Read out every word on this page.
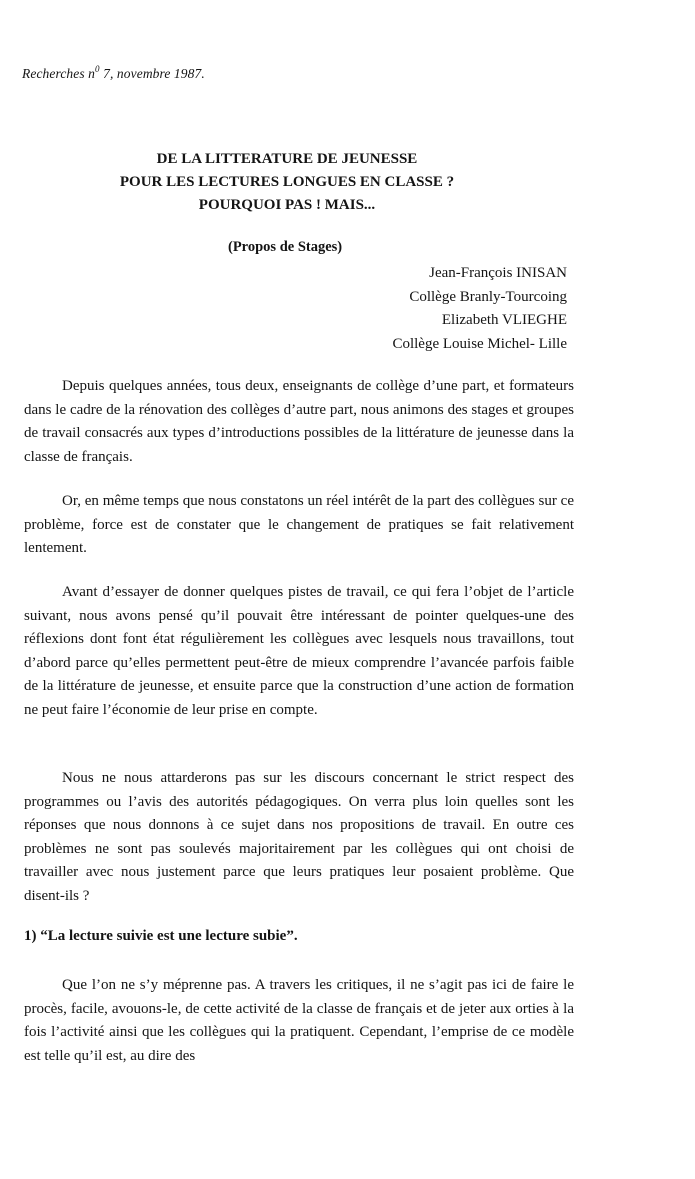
Recherches $n^0$ 7, novembre 1987.
DE LA LITTERATURE DE JEUNESSE
POUR LES LECTURES LONGUES EN CLASSE ?
POURQUOI PAS ! MAIS...
(Propos de Stages)
Jean-François INISAN
Collège Branly-Tourcoing
Elizabeth VLIEGHE
Collège Louise Michel- Lille

Depuis quelques années, tous deux, enseignants de collège d’une part, et formateurs dans le cadre de la rénovation des collèges d’autre part, nous animons des stages et groupes de travail consacrés aux types d’introductions possibles de la littérature de jeunesse dans la classe de français.

Or, en même temps que nous constatons un réel intérêt de la part des collègues sur ce problème, force est de constater que le changement de pratiques se fait relativement lentement.

Avant d’essayer de donner quelques pistes de travail, ce qui fera l’objet de l’article suivant, nous avons pensé qu’il pouvait être intéressant de pointer quelques-une des réflexions dont font état régulièrement les collègues avec lesquels nous travaillons, tout d’abord parce qu’elles permettent peut-être de mieux comprendre l’avancée parfois faible de la littérature de jeunesse, et ensuite parce que la construction d’une action de formation ne peut faire l’économie de leur prise en compte.

Nous ne nous attarderons pas sur les discours concernant le strict respect des programmes ou l’avis des autorités pédagogiques. On verra plus loin quelles sont les réponses que nous donnons à ce sujet dans nos propositions de travail. En outre ces problèmes ne sont pas soulevés majoritairement par les collègues qui ont choisi de travailler avec nous justement parce que leurs pratiques leur posaient problème. Que disent-ils ?

1) “La lecture suivie est une lecture subie”.

Que l’on ne s’y méprenne pas. A travers les critiques, il ne s’agit pas ici de faire le procès, facile, avouons-le, de cette activité de la classe de français et de jeter aux orties à la fois l’activité ainsi que les collègues qui la pratiquent. Cependant, l’emprise de ce modèle est telle qu’il est, au dire des
